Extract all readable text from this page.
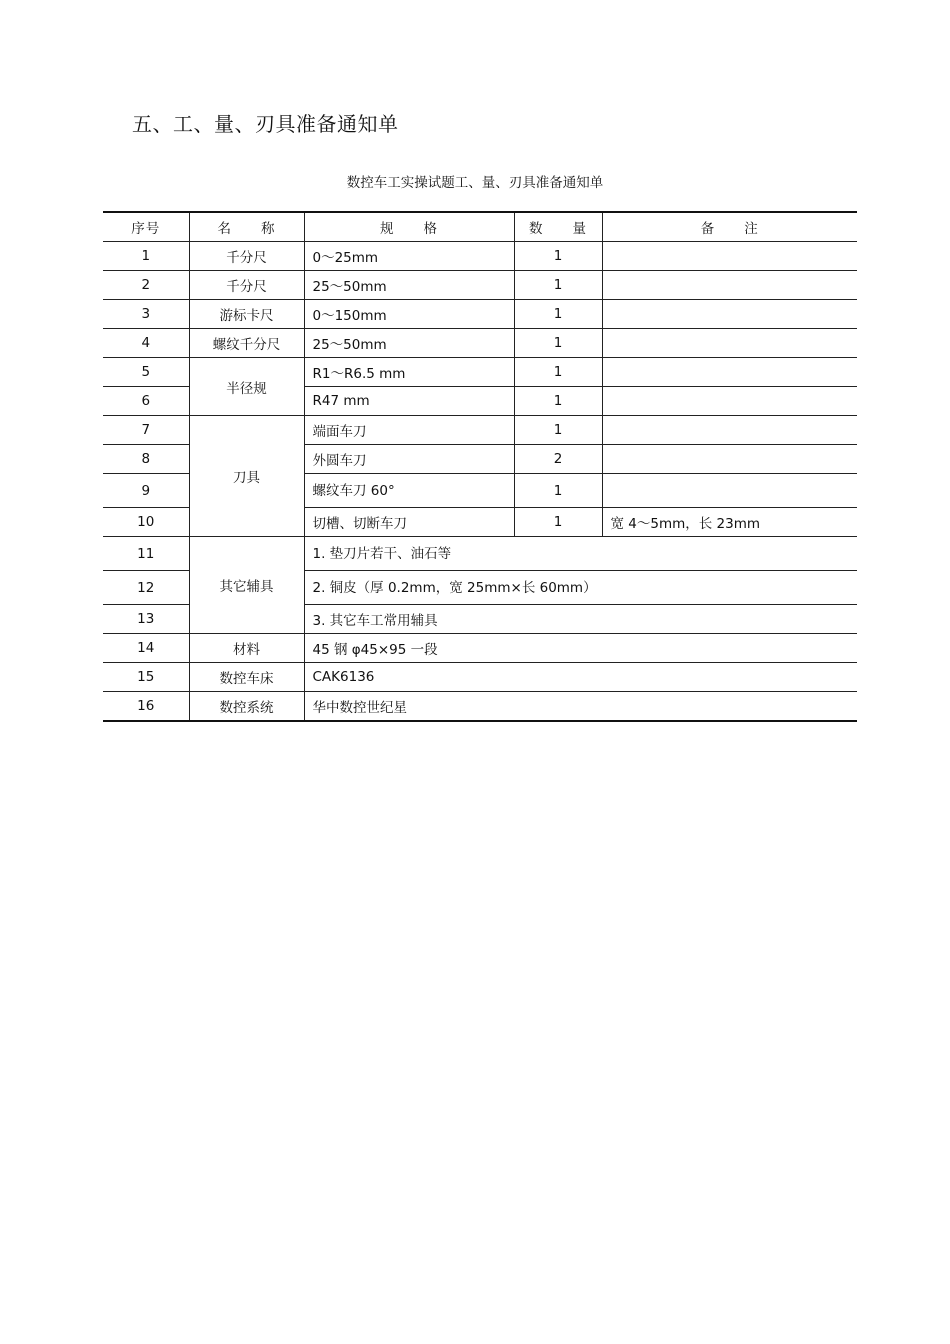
五、工、量、刃具准备通知单
数控车工实操试题工、量、刃具准备通知单
序号	名　　称	规　　格	数　　量	备　　注
1	千分尺	0～25mm	1	
2	千分尺	25～50mm	1	
3	游标卡尺	0～150mm	1	
4	螺纹千分尺	25～50mm	1	
5	半径规	R1～R6.5 mm	1	
6		R47 mm	1	
7	刀具	端面车刀	1	
8		外圆车刀	2	
9		螺纹车刀 60°	1	
10		切槽、切断车刀	1	宽 4～5mm，长 23mm
11	其它辅具	1. 垫刀片若干、油石等		
12		2. 铜皮（厚 0.2mm，宽 25mm×长 60mm）		
13		3. 其它车工常用辅具		
14	材料	45 钢 φ45×95 一段		
15	数控车床	CAK6136		
16	数控系统	华中数控世纪星		
